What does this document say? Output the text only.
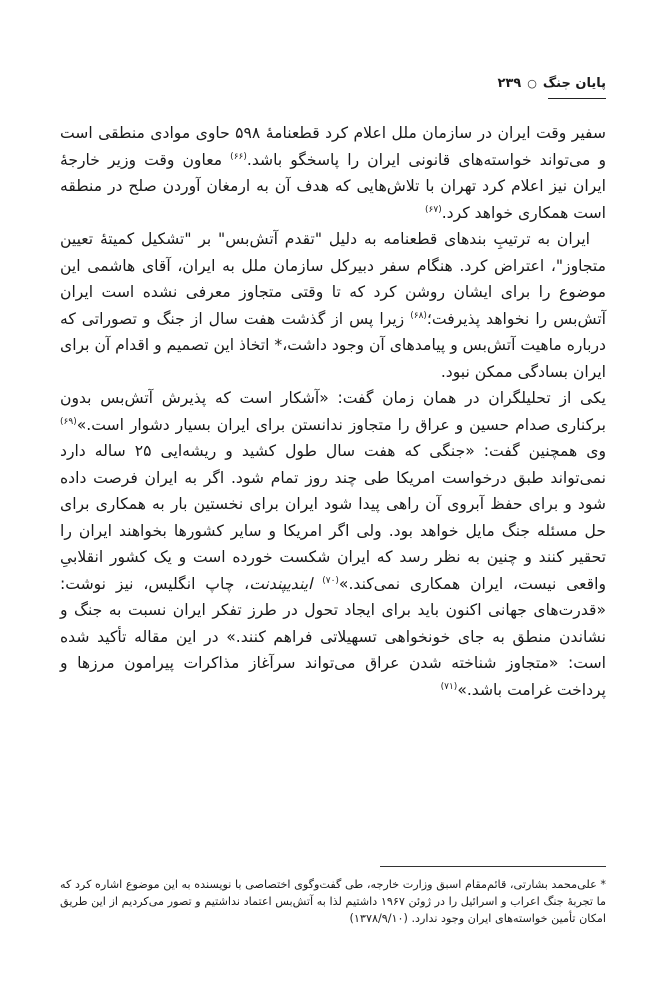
پایان جنگ
○
۲۳۹

سفیر وقت ایران در سازمان ملل اعلام کرد قطعنامهٔ ۵۹۸ حاوی موادی منطقی است و می‌تواند خواسته‌های قانونی ایران را پاسخگو باشد.$^{(۶۶)}$ معاون وقت وزیر خارجهٔ ایران نیز اعلام کرد تهران با تلاش‌هایی که هدف آن به ارمغان آوردن صلح در منطقه است همکاری خواهد کرد.$^{(۶۷)}$

ایران به ترتیبِ بندهای قطعنامه به دلیل "تقدم آتش‌بس" بر "تشکیل کمیتهٔ تعیین متجاوز"، اعتراض کرد. هنگام سفر دبیرکل سازمان ملل به ایران، آقای هاشمی این موضوع را برای ایشان روشن کرد که تا وقتی متجاوز معرفی نشده است ایران آتش‌بس را نخواهد پذیرفت؛$^{(۶۸)}$ زیرا پس از گذشت هفت سال از جنگ و تصوراتی که درباره ماهیت آتش‌بس و پیامدهای آن وجود داشت،* اتخاذ این تصمیم و اقدام آن برای ایران بسادگی ممکن نبود.

یکی از تحلیلگران در همان زمان گفت: «آشکار است که پذیرش آتش‌بس بدون برکناری صدام حسین و عراق را متجاوز ندانستن برای ایران بسیار دشوار است.»$^{(۶۹)}$ وی همچنین گفت: «جنگی که هفت سال طول کشید و ریشه‌ایی ۲۵ ساله دارد نمی‌تواند طبق درخواست امریکا طی چند روز تمام شود. اگر به ایران فرصت داده شود و برای حفظ آبروی آن راهی پیدا شود ایران برای نخستین بار به همکاری برای حل مسئله جنگ مایل خواهد بود. ولی اگر امریکا و سایر کشورها بخواهند ایران را تحقیر کنند و چنین به نظر رسد که ایران شکست خورده است و یک کشور انقلابیِ واقعی نیست، ایران همکاری نمی‌کند.»$^{(۷۰)}$ ایندیپندنت، چاپ انگلیس، نیز نوشت: «قدرت‌های جهانی اکنون باید برای ایجاد تحول در طرز تفکر ایران نسبت به جنگ و نشاندن منطق به جای خونخواهی تسهیلاتی فراهم کنند.» در این مقاله تأکید شده است: «متجاوز شناخته شدن عراق می‌تواند سرآغاز مذاکرات پیرامون مرزها و پرداخت غرامت باشد.»$^{(۷۱)}$

* علی‌محمد بشارتی، قائم‌مقام اسبق وزارت خارجه، طی گفت‌وگوی اختصاصی با نویسنده به این موضوع اشاره کرد که ما تجربهٔ جنگ اعراب و اسرائیل را در ژوئن ۱۹۶۷ داشتیم لذا به آتش‌بس اعتماد نداشتیم و تصور می‌کردیم از این طریق امکان تأمین خواسته‌های ایران وجود ندارد. (۱۳۷۸/۹/۱۰)
